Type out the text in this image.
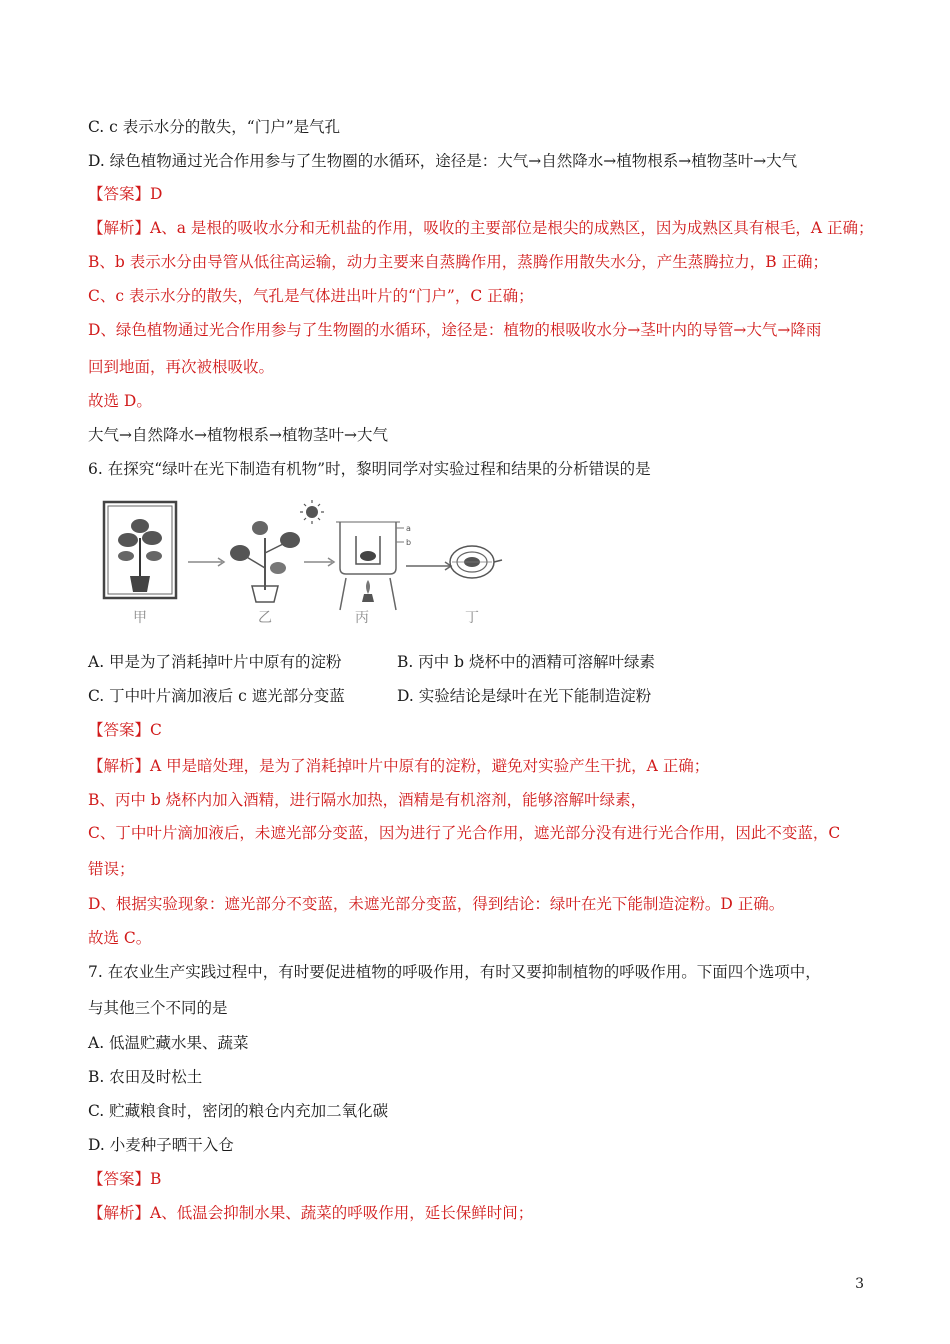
C. c 表示水分的散失，“门户”是气孔
D. 绿色植物通过光合作用参与了生物圈的水循环，途径是：大气→自然降水→植物根系→植物茎叶→大气
【答案】D
【解析】A、a 是根的吸收水分和无机盐的作用，吸收的主要部位是根尖的成熟区，因为成熟区具有根毛，A 正确；
B、b 表示水分由导管从低往高运输，动力主要来自蒸腾作用，蒸腾作用散失水分，产生蒸腾拉力，B 正确；
C、c 表示水分的散失，气孔是气体进出叶片的“门户”，C 正确；
D、绿色植物通过光合作用参与了生物圈的水循环，途径是：植物的根吸收水分→茎叶内的导管→大气→降雨
回到地面，再次被根吸收。
故选 D。
大气→自然降水→植物根系→植物茎叶→大气
6. 在探究“绿叶在光下制造有机物”时，黎明同学对实验过程和结果的分析错误的是
a
b
甲	乙	丙	丁
A. 甲是为了消耗掉叶片中原有的淀粉	B. 丙中 b 烧杯中的酒精可溶解叶绿素
C. 丁中叶片滴加液后 c 遮光部分变蓝	D. 实验结论是绿叶在光下能制造淀粉
【答案】C
【解析】A 甲是暗处理，是为了消耗掉叶片中原有的淀粉，避免对实验产生干扰，A 正确；
B、丙中 b 烧杯内加入酒精，进行隔水加热，酒精是有机溶剂，能够溶解叶绿素，
C、丁中叶片滴加液后，未遮光部分变蓝，因为进行了光合作用，遮光部分没有进行光合作用，因此不变蓝，C
错误；
D、根据实验现象：遮光部分不变蓝，未遮光部分变蓝，得到结论：绿叶在光下能制造淀粉。D 正确。
故选 C。
7. 在农业生产实践过程中，有时要促进植物的呼吸作用，有时又要抑制植物的呼吸作用。下面四个选项中，
与其他三个不同的是
A. 低温贮藏水果、蔬菜
B. 农田及时松土
C. 贮藏粮食时，密闭的粮仓内充加二氧化碳
D. 小麦种子晒干入仓
【答案】B
【解析】A、低温会抑制水果、蔬菜的呼吸作用，延长保鲜时间；
3
